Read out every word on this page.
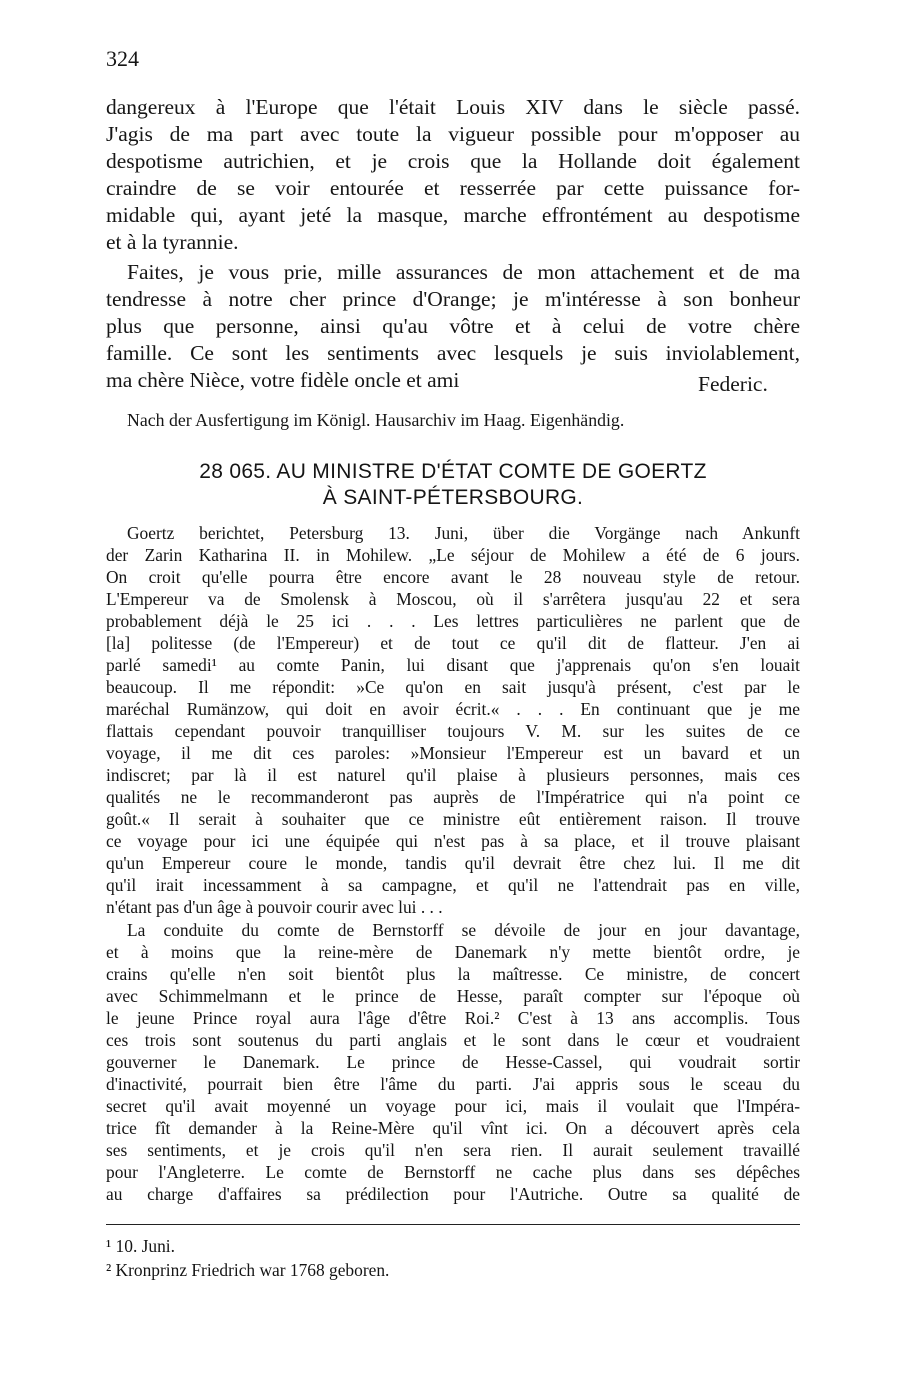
324
dangereux à l'Europe que l'était Louis XIV dans le siècle passé.
J'agis de ma part avec toute la vigueur possible pour m'opposer au
despotisme autrichien, et je crois que la Hollande doit également
craindre de se voir entourée et resserrée par cette puissance for-
midable qui, ayant jeté la masque, marche effrontément au despotisme
et à la tyrannie.
Faites, je vous prie, mille assurances de mon attachement et de ma
tendresse à notre cher prince d'Orange; je m'intéresse à son bonheur
plus que personne, ainsi qu'au vôtre et à celui de votre chère
famille. Ce sont les sentiments avec lesquels je suis inviolablement,
ma chère Nièce, votre fidèle oncle et ami	Federic.
Nach der Ausfertigung im Königl. Hausarchiv im Haag. Eigenhändig.
28 065. AU MINISTRE D'ÉTAT COMTE DE GOERTZ
À SAINT-PÉTERSBOURG.
Goertz berichtet, Petersburg 13. Juni, über die Vorgänge nach Ankunft
der Zarin Katharina II. in Mohilew. „Le séjour de Mohilew a été de 6 jours.
On croit qu'elle pourra être encore avant le 28 nouveau style de retour.
L'Empereur va de Smolensk à Moscou, où il s'arrêtera jusqu'au 22 et sera
probablement déjà le 25 ici . . . Les lettres particulières ne parlent que de
[la] politesse (de l'Empereur) et de tout ce qu'il dit de flatteur. J'en ai
parlé samedi¹ au comte Panin, lui disant que j'apprenais qu'on s'en louait
beaucoup. Il me répondit: »Ce qu'on en sait jusqu'à présent, c'est par le
maréchal Rumänzow, qui doit en avoir écrit.« . . . En continuant que je me
flattais cependant pouvoir tranquilliser toujours V. M. sur les suites de ce
voyage, il me dit ces paroles: »Monsieur l'Empereur est un bavard et un
indiscret; par là il est naturel qu'il plaise à plusieurs personnes, mais ces
qualités ne le recommanderont pas auprès de l'Impératrice qui n'a point ce
goût.« Il serait à souhaiter que ce ministre eût entièrement raison. Il trouve
ce voyage pour ici une équipée qui n'est pas à sa place, et il trouve plaisant
qu'un Empereur coure le monde, tandis qu'il devrait être chez lui. Il me dit
qu'il irait incessamment à sa campagne, et qu'il ne l'attendrait pas en ville,
n'étant pas d'un âge à pouvoir courir avec lui . . .
La conduite du comte de Bernstorff se dévoile de jour en jour davantage,
et à moins que la reine-mère de Danemark n'y mette bientôt ordre, je
crains qu'elle n'en soit bientôt plus la maîtresse. Ce ministre, de concert
avec Schimmelmann et le prince de Hesse, paraît compter sur l'époque où
le jeune Prince royal aura l'âge d'être Roi.² C'est à 13 ans accomplis. Tous
ces trois sont soutenus du parti anglais et le sont dans le cœur et voudraient
gouverner le Danemark. Le prince de Hesse-Cassel, qui voudrait sortir
d'inactivité, pourrait bien être l'âme du parti. J'ai appris sous le sceau du
secret qu'il avait moyenné un voyage pour ici, mais il voulait que l'Impéra-
trice fît demander à la Reine-Mère qu'il vînt ici. On a découvert après cela
ses sentiments, et je crois qu'il n'en sera rien. Il aurait seulement travaillé
pour l'Angleterre. Le comte de Bernstorff ne cache plus dans ses dépêches
au charge d'affaires sa prédilection pour l'Autriche. Outre sa qualité de
¹ 10. Juni.
² Kronprinz Friedrich war 1768 geboren.
